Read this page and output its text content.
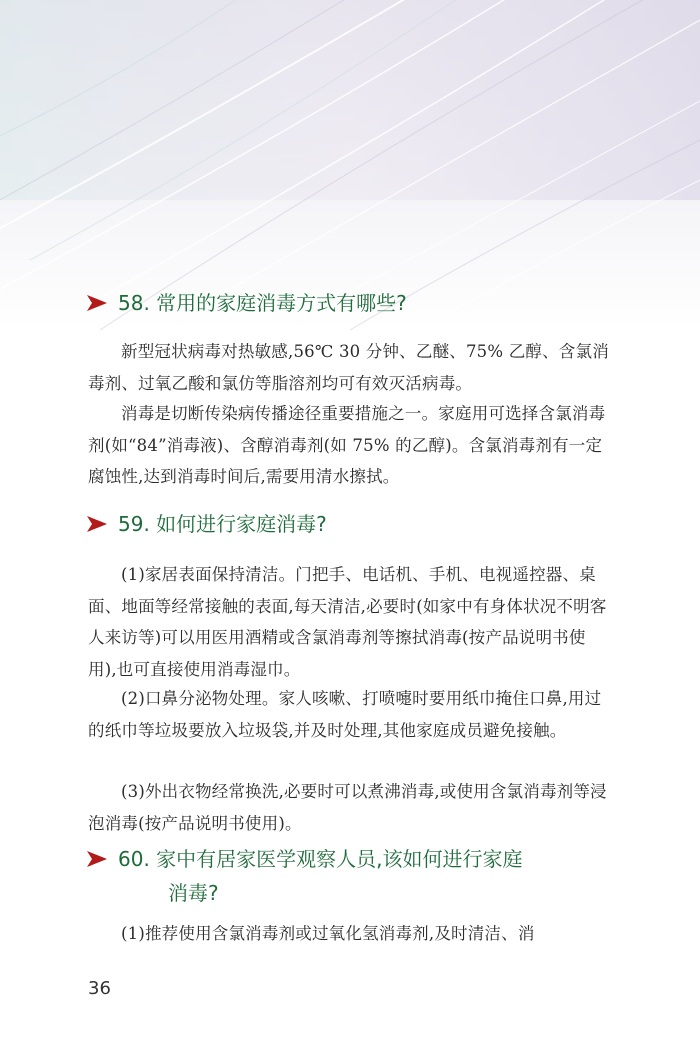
58. 常用的家庭消毒方式有哪些?

新型冠状病毒对热敏感,56℃ 30 分钟、乙醚、75% 乙醇、含氯消毒剂、过氧乙酸和氯仿等脂溶剂均可有效灭活病毒。

消毒是切断传染病传播途径重要措施之一。家庭用可选择含氯消毒剂(如“84”消毒液)、含醇消毒剂(如 75% 的乙醇)。含氯消毒剂有一定腐蚀性,达到消毒时间后,需要用清水擦拭。

59. 如何进行家庭消毒?

(1)家居表面保持清洁。门把手、电话机、手机、电视遥控器、桌面、地面等经常接触的表面,每天清洁,必要时(如家中有身体状况不明客人来访等)可以用医用酒精或含氯消毒剂等擦拭消毒(按产品说明书使用),也可直接使用消毒湿巾。

(2)口鼻分泌物处理。家人咳嗽、打喷嚏时要用纸巾掩住口鼻,用过的纸巾等垃圾要放入垃圾袋,并及时处理,其他家庭成员避免接触。

(3)外出衣物经常换洗,必要时可以煮沸消毒,或使用含氯消毒剂等浸泡消毒(按产品说明书使用)。

60. 家中有居家医学观察人员,该如何进行家庭
消毒?

(1)推荐使用含氯消毒剂或过氧化氢消毒剂,及时清洁、消

36
